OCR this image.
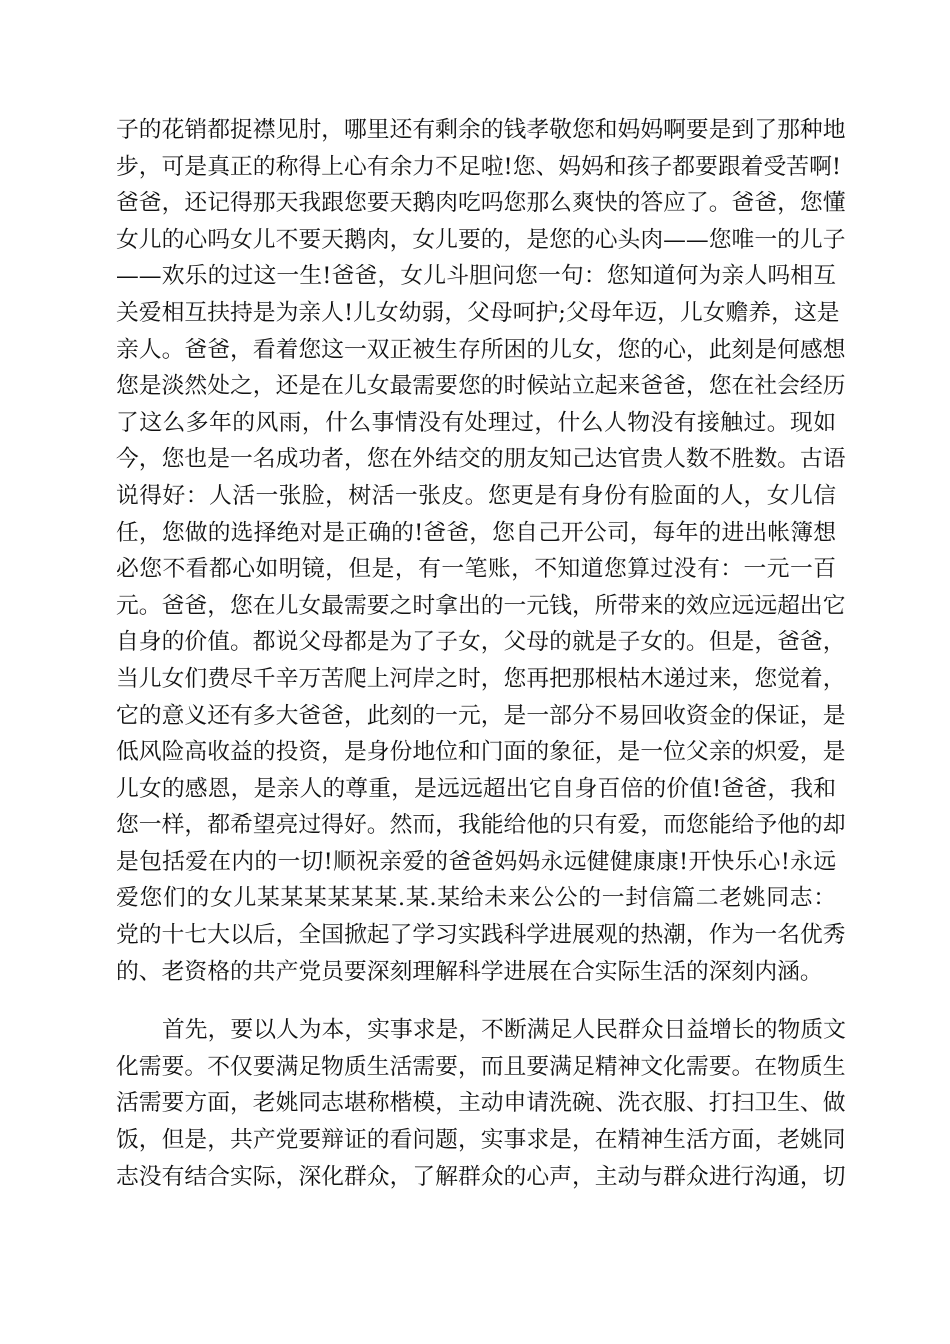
子的花销都捉襟见肘，哪里还有剩余的钱孝敬您和妈妈啊要是到了那种地
步，可是真正的称得上心有余力不足啦!您、妈妈和孩子都要跟着受苦啊!
爸爸，还记得那天我跟您要天鹅肉吃吗您那么爽快的答应了。爸爸，您懂
女儿的心吗女儿不要天鹅肉，女儿要的，是您的心头肉——您唯一的儿子
——欢乐的过这一生!爸爸，女儿斗胆问您一句：您知道何为亲人吗相互
关爱相互扶持是为亲人!儿女幼弱，父母呵护;父母年迈，儿女赡养，这是
亲人。爸爸，看着您这一双正被生存所困的儿女，您的心，此刻是何感想
您是淡然处之，还是在儿女最需要您的时候站立起来爸爸，您在社会经历
了这么多年的风雨，什么事情没有处理过，什么人物没有接触过。现如
今，您也是一名成功者，您在外结交的朋友知己达官贵人数不胜数。古语
说得好：人活一张脸，树活一张皮。您更是有身份有脸面的人，女儿信
任，您做的选择绝对是正确的!爸爸，您自己开公司，每年的进出帐簿想
必您不看都心如明镜，但是，有一笔账，不知道您算过没有：一元一百
元。爸爸，您在儿女最需要之时拿出的一元钱，所带来的效应远远超出它
自身的价值。都说父母都是为了子女，父母的就是子女的。但是，爸爸，
当儿女们费尽千辛万苦爬上河岸之时，您再把那根枯木递过来，您觉着，
它的意义还有多大爸爸，此刻的一元，是一部分不易回收资金的保证，是
低风险高收益的投资，是身份地位和门面的象征，是一位父亲的炽爱，是
儿女的感恩，是亲人的尊重，是远远超出它自身百倍的价值!爸爸，我和
您一样，都希望亮过得好。然而，我能给他的只有爱，而您能给予他的却
是包括爱在内的一切!顺祝亲爱的爸爸妈妈永远健健康康!开快乐心!永远
爱您们的女儿某某某某某某.某.某给未来公公的一封信篇二老姚同志：
党的十七大以后，全国掀起了学习实践科学进展观的热潮，作为一名优秀
的、老资格的共产党员要深刻理解科学进展在合实际生活的深刻内涵。
首先，要以人为本，实事求是，不断满足人民群众日益增长的物质文
化需要。不仅要满足物质生活需要，而且要满足精神文化需要。在物质生
活需要方面，老姚同志堪称楷模，主动申请洗碗、洗衣服、打扫卫生、做
饭，但是，共产党要辩证的看问题，实事求是，在精神生活方面，老姚同
志没有结合实际，深化群众，了解群众的心声，主动与群众进行沟通，切
